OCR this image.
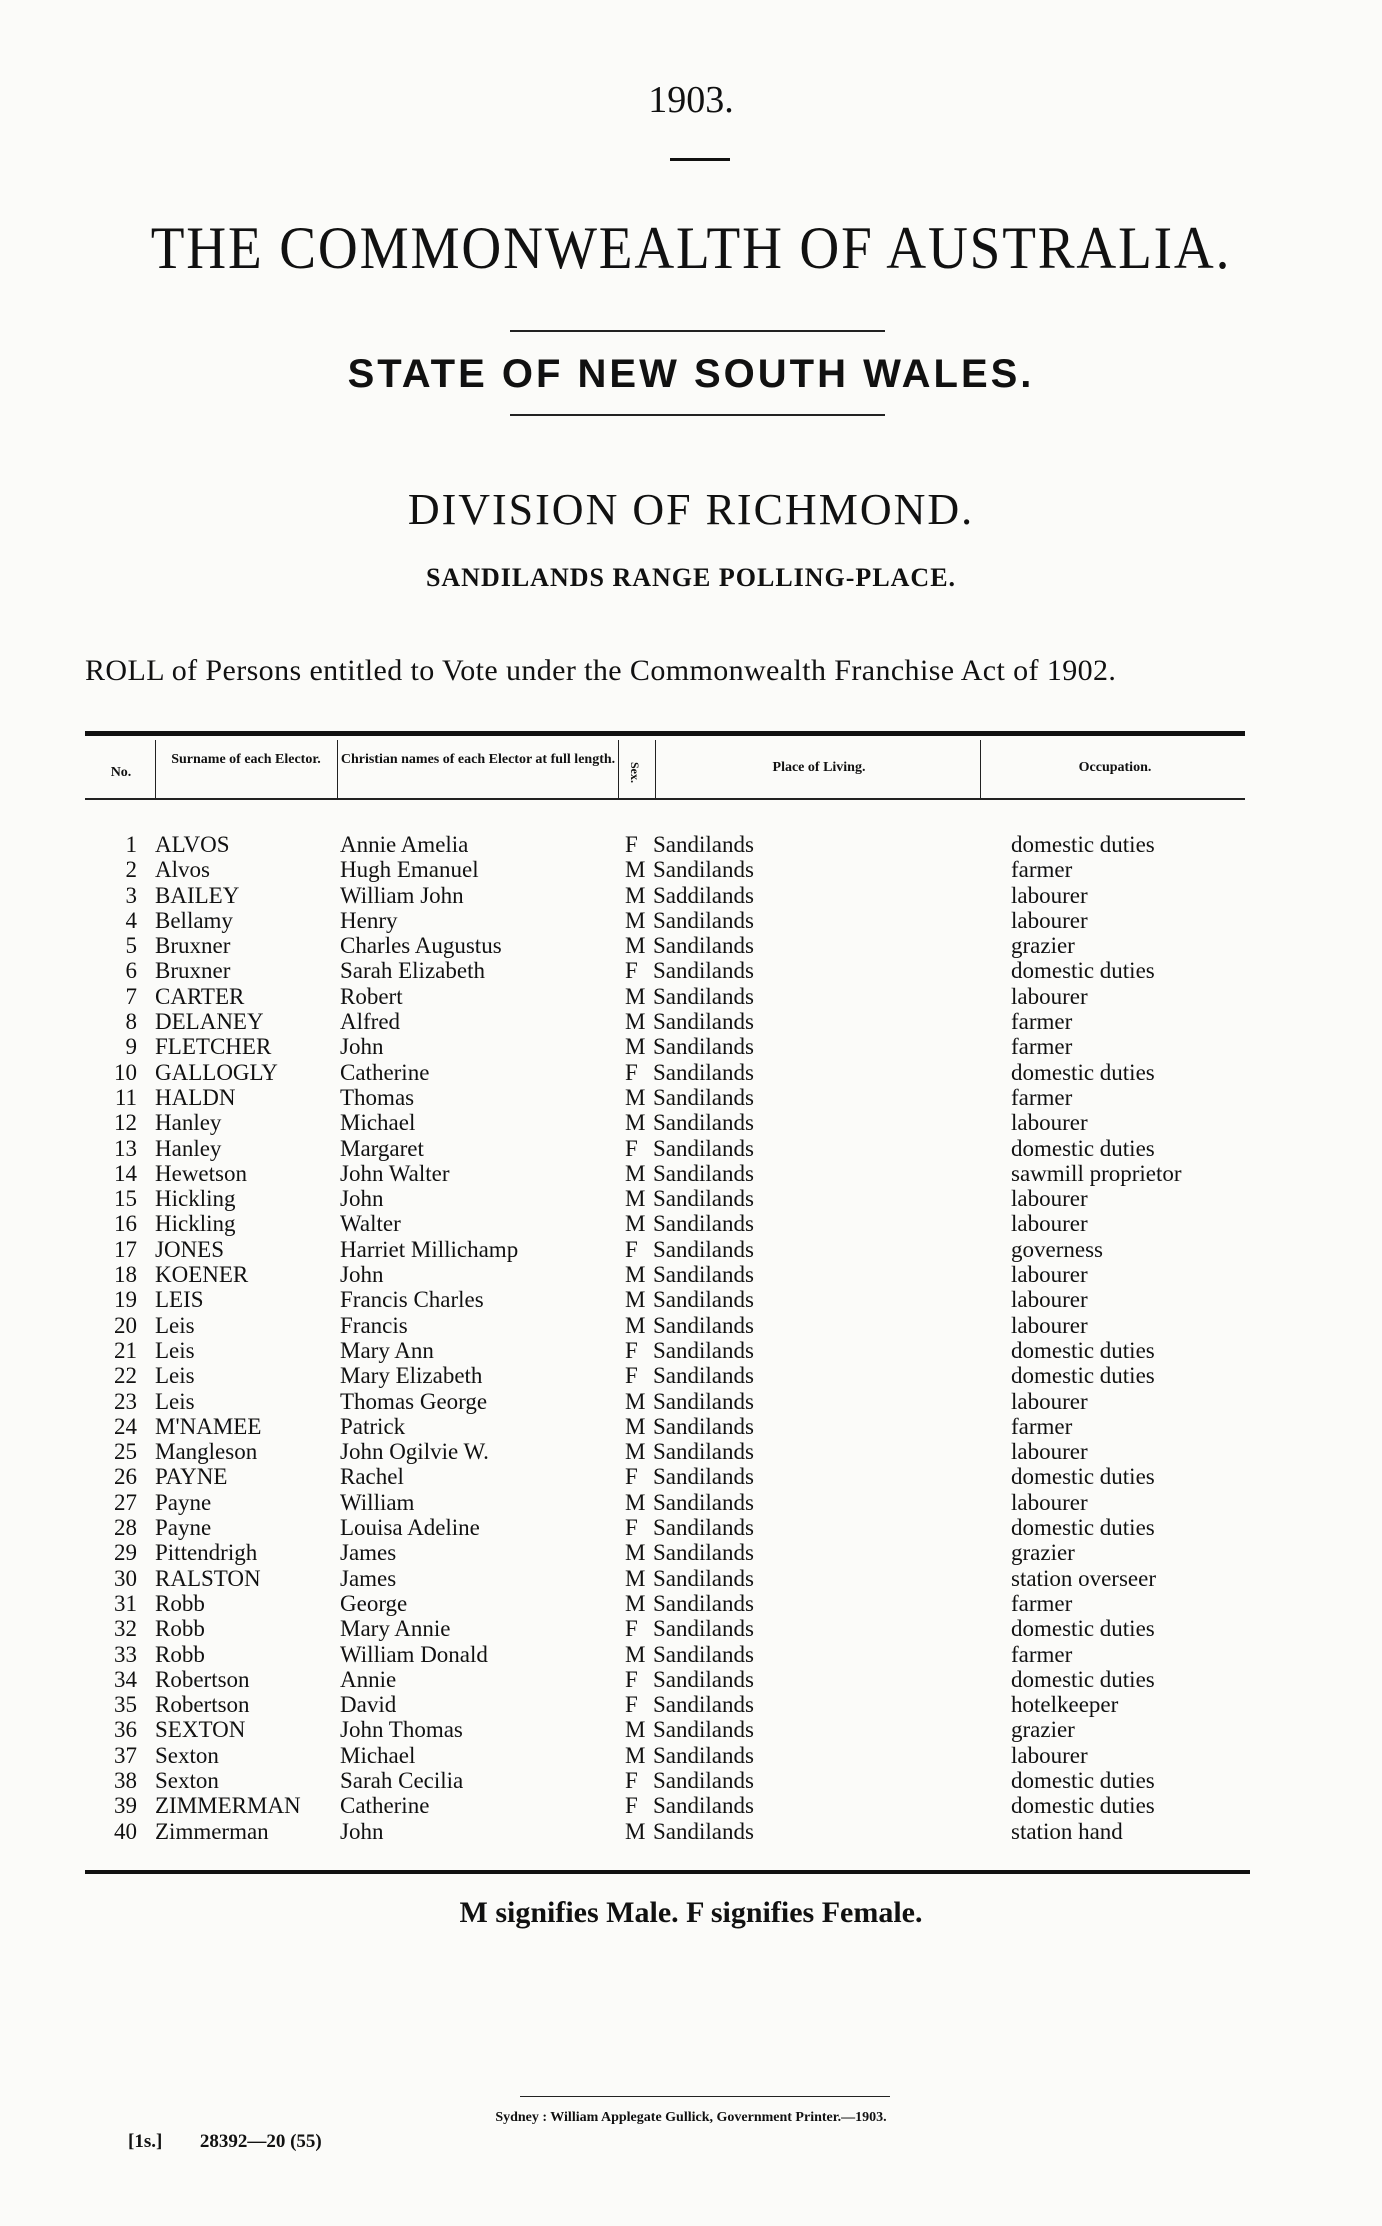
1903.
THE COMMONWEALTH OF AUSTRALIA.
STATE OF NEW SOUTH WALES.
DIVISION OF RICHMOND.
SANDILANDS RANGE POLLING-PLACE.
ROLL of Persons entitled to Vote under the Commonwealth Franchise Act of 1902.
No.
Surname of each Elector.	Christian names of each Elector at full length.
Sex.	Place of Living.	Occupation.
1	ALVOS	Annie Amelia	F	Sandilands	domestic duties
2	Alvos	Hugh Emanuel	M	Sandilands	farmer
3	BAILEY	William John	M	Saddilands	labourer
4	Bellamy	Henry	M	Sandilands	labourer
5	Bruxner	Charles Augustus	M	Sandilands	grazier
6	Bruxner	Sarah Elizabeth	F	Sandilands	domestic duties
7	CARTER	Robert	M	Sandilands	labourer
8	DELANEY	Alfred	M	Sandilands	farmer
9	FLETCHER	John	M	Sandilands	farmer
10	GALLOGLY	Catherine	F	Sandilands	domestic duties
11	HALDN	Thomas	M	Sandilands	farmer
12	Hanley	Michael	M	Sandilands	labourer
13	Hanley	Margaret	F	Sandilands	domestic duties
14	Hewetson	John Walter	M	Sandilands	sawmill proprietor
15	Hickling	John	M	Sandilands	labourer
16	Hickling	Walter	M	Sandilands	labourer
17	JONES	Harriet Millichamp	F	Sandilands	governess
18	KOENER	John	M	Sandilands	labourer
19	LEIS	Francis Charles	M	Sandilands	labourer
20	Leis	Francis	M	Sandilands	labourer
21	Leis	Mary Ann	F	Sandilands	domestic duties
22	Leis	Mary Elizabeth	F	Sandilands	domestic duties
23	Leis	Thomas George	M	Sandilands	labourer
24	M'NAMEE	Patrick	M	Sandilands	farmer
25	Mangleson	John Ogilvie W.	M	Sandilands	labourer
26	PAYNE	Rachel	F	Sandilands	domestic duties
27	Payne	William	M	Sandilands	labourer
28	Payne	Louisa Adeline	F	Sandilands	domestic duties
29	Pittendrigh	James	M	Sandilands	grazier
30	RALSTON	James	M	Sandilands	station overseer
31	Robb	George	M	Sandilands	farmer
32	Robb	Mary Annie	F	Sandilands	domestic duties
33	Robb	William Donald	M	Sandilands	farmer
34	Robertson	Annie	F	Sandilands	domestic duties
35	Robertson	David	F	Sandilands	hotelkeeper
36	SEXTON	John Thomas	M	Sandilands	grazier
37	Sexton	Michael	M	Sandilands	labourer
38	Sexton	Sarah Cecilia	F	Sandilands	domestic duties
39	ZIMMERMAN	Catherine	F	Sandilands	domestic duties
40	Zimmerman	John	M	Sandilands	station hand
M signifies Male. F signifies Female.
Sydney : William Applegate Gullick, Government Printer.—1903.
[1s.] 28392—20 (55)
